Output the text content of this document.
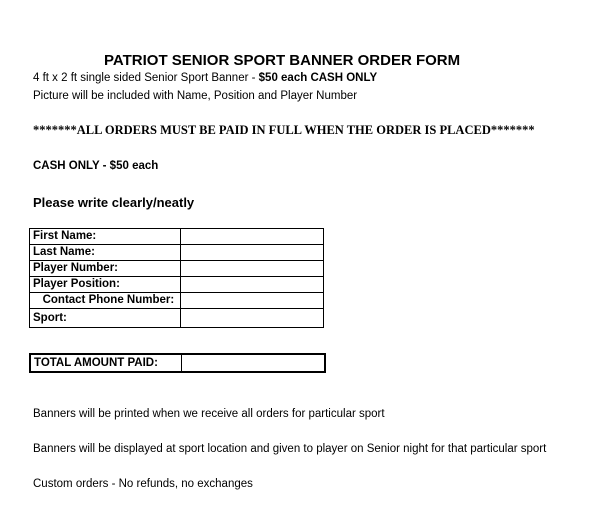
PATRIOT SENIOR SPORT BANNER ORDER FORM
4 ft x 2 ft single sided Senior Sport Banner - $50 each CASH ONLY
Picture will be included with Name, Position and Player Number
*******ALL ORDERS MUST BE PAID IN FULL WHEN THE ORDER IS PLACED*******
CASH ONLY - $50 each
Please write clearly/neatly
First Name:	
Last Name:	
Player Number:	
Player Position:	
Contact Phone Number:	
Sport:	
TOTAL AMOUNT PAID:	
Banners will be printed when we receive all orders for particular sport
Banners will be displayed at sport location and given to player on Senior night for that particular sport
Custom orders - No refunds, no exchanges
